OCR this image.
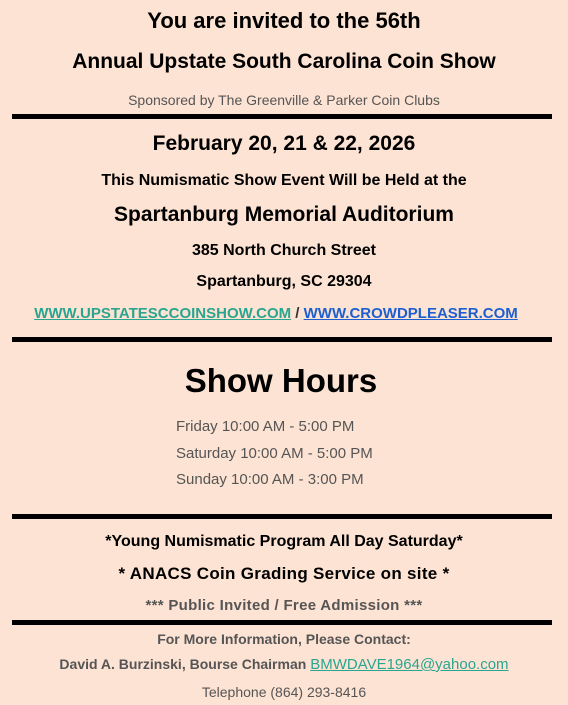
You are invited to the 56th
Annual Upstate South Carolina Coin Show
Sponsored by The Greenville & Parker Coin Clubs
February 20, 21 & 22, 2026
This Numismatic Show Event Will be Held at the
Spartanburg Memorial Auditorium
385 North Church Street
Spartanburg, SC 29304
WWW.UPSTATESCCOINSHOW.COM / WWW.CROWDPLEASER.COM
Show Hours
Friday 10:00 AM - 5:00 PM
Saturday 10:00 AM - 5:00 PM
Sunday 10:00 AM - 3:00 PM
*Young Numismatic Program All Day Saturday*
* ANACS Coin Grading Service on site *
*** Public Invited / Free Admission ***
For More Information, Please Contact:
David A. Burzinski, Bourse Chairman BMWDAVE1964@yahoo.com
Telephone (864) 293-8416
